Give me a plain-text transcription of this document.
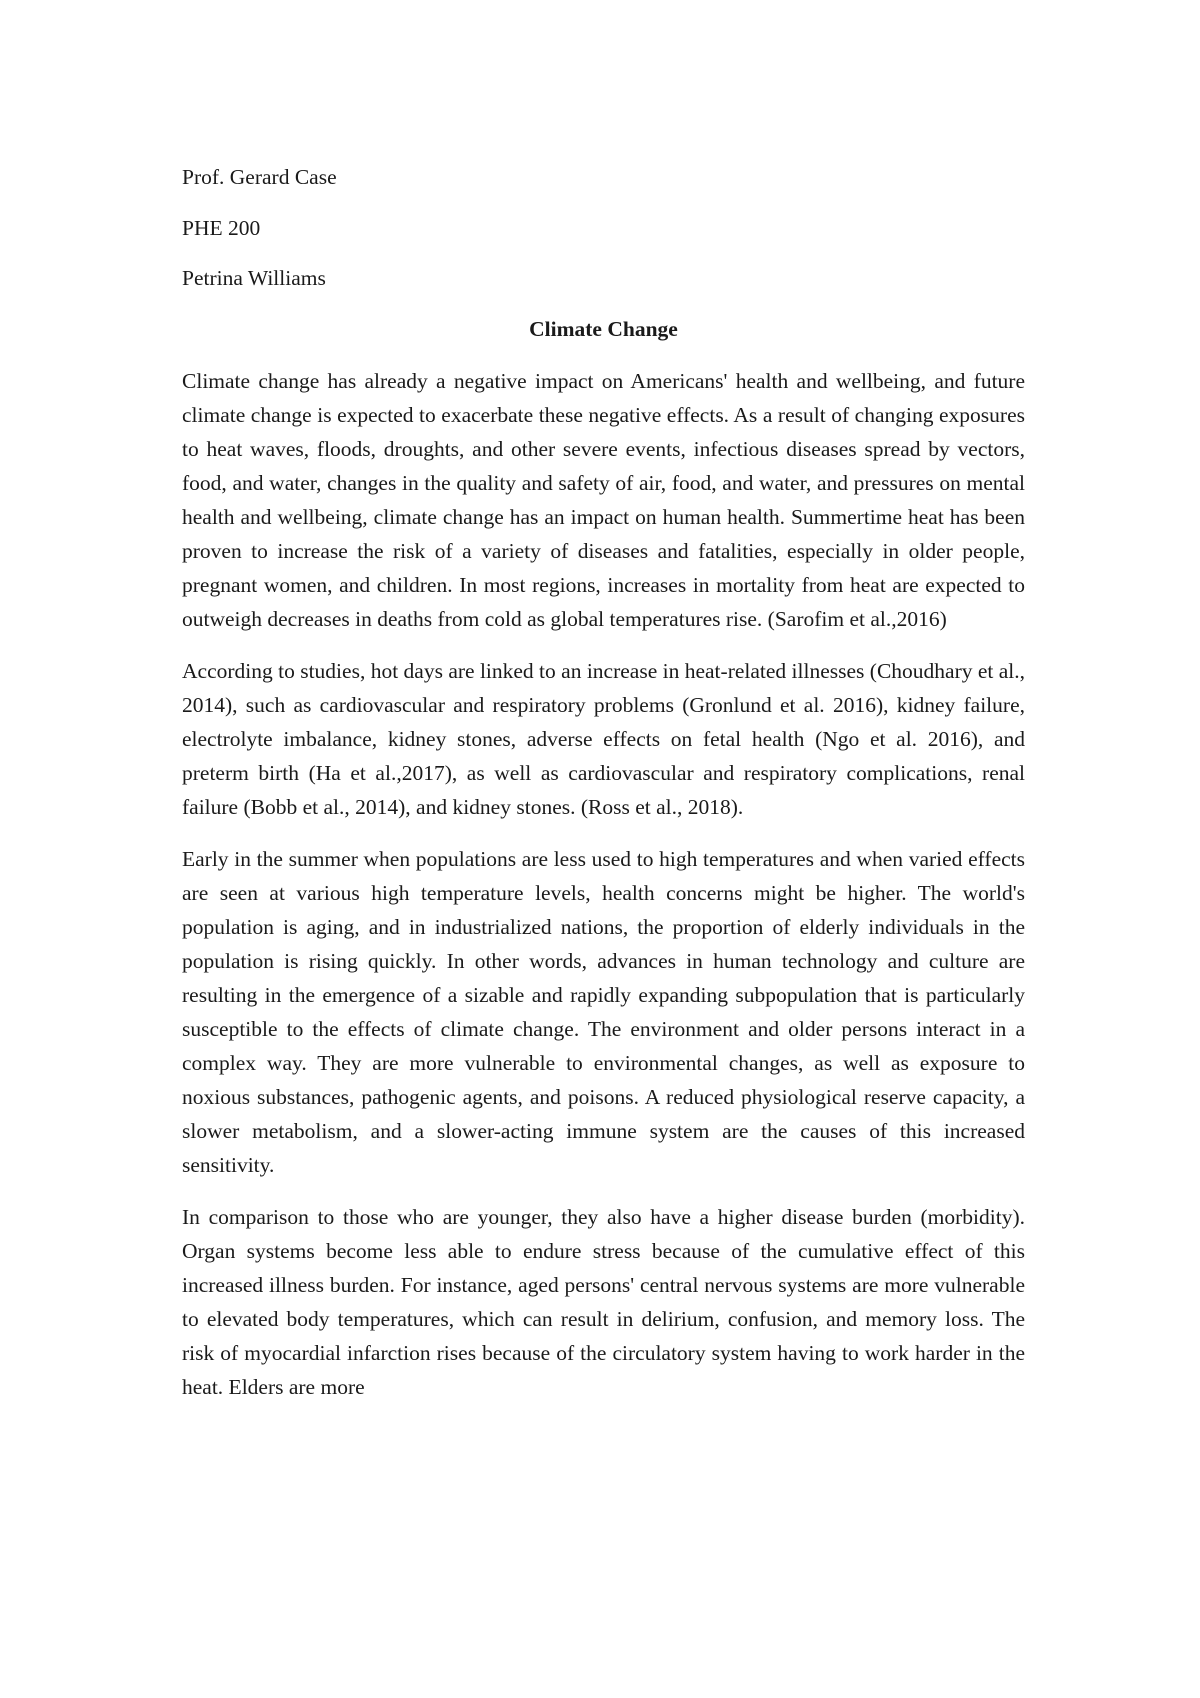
Prof. Gerard Case
PHE 200
Petrina Williams
Climate Change

Climate change has already a negative impact on Americans' health and wellbeing, and future climate change is expected to exacerbate these negative effects. As a result of changing exposures to heat waves, floods, droughts, and other severe events, infectious diseases spread by vectors, food, and water, changes in the quality and safety of air, food, and water, and pressures on mental health and wellbeing, climate change has an impact on human health. Summertime heat has been proven to increase the risk of a variety of diseases and fatalities, especially in older people, pregnant women, and children. In most regions, increases in mortality from heat are expected to outweigh decreases in deaths from cold as global temperatures rise. (Sarofim et al.,2016)

According to studies, hot days are linked to an increase in heat-related illnesses (Choudhary et al., 2014), such as cardiovascular and respiratory problems (Gronlund et al. 2016), kidney failure, electrolyte imbalance, kidney stones, adverse effects on fetal health (Ngo et al. 2016), and preterm birth (Ha et al.,2017), as well as cardiovascular and respiratory complications, renal failure (Bobb et al., 2014), and kidney stones. (Ross et al., 2018).

Early in the summer when populations are less used to high temperatures and when varied effects are seen at various high temperature levels, health concerns might be higher. The world's population is aging, and in industrialized nations, the proportion of elderly individuals in the population is rising quickly. In other words, advances in human technology and culture are resulting in the emergence of a sizable and rapidly expanding subpopulation that is particularly susceptible to the effects of climate change. The environment and older persons interact in a complex way. They are more vulnerable to environmental changes, as well as exposure to noxious substances, pathogenic agents, and poisons. A reduced physiological reserve capacity, a slower metabolism, and a slower-acting immune system are the causes of this increased sensitivity.

In comparison to those who are younger, they also have a higher disease burden (morbidity). Organ systems become less able to endure stress because of the cumulative effect of this increased illness burden. For instance, aged persons' central nervous systems are more vulnerable to elevated body temperatures, which can result in delirium, confusion, and memory loss. The risk of myocardial infarction rises because of the circulatory system having to work harder in the heat. Elders are more
